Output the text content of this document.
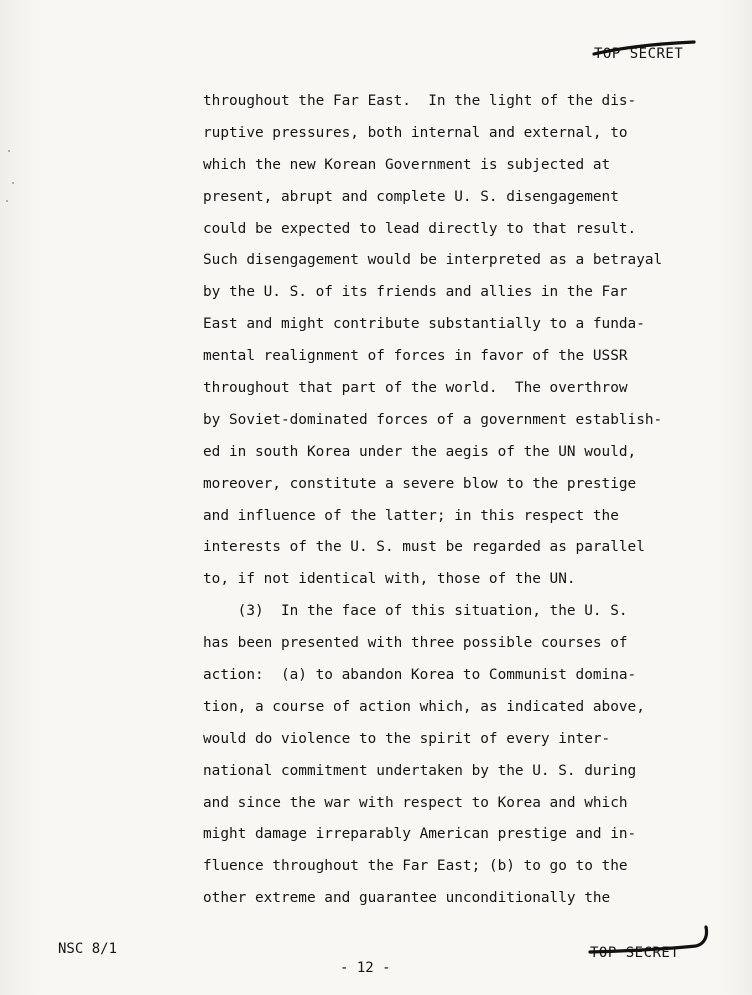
TOP SECRET
throughout the Far East.  In the light of the dis-
ruptive pressures, both internal and external, to
which the new Korean Government is subjected at
present, abrupt and complete U. S. disengagement
could be expected to lead directly to that result.
Such disengagement would be interpreted as a betrayal
by the U. S. of its friends and allies in the Far
East and might contribute substantially to a funda-
mental realignment of forces in favor of the USSR
throughout that part of the world.  The overthrow
by Soviet-dominated forces of a government establish-
ed in south Korea under the aegis of the UN would,
moreover, constitute a severe blow to the prestige
and influence of the latter; in this respect the
interests of the U. S. must be regarded as parallel
to, if not identical with, those of the UN.
(3)  In the face of this situation, the U. S.
has been presented with three possible courses of
action:  (a) to abandon Korea to Communist domina-
tion, a course of action which, as indicated above,
would do violence to the spirit of every inter-
national commitment undertaken by the U. S. during
and since the war with respect to Korea and which
might damage irreparably American prestige and in-
fluence throughout the Far East; (b) to go to the
other extreme and guarantee unconditionally the
NSC 8/1
- 12 -
TOP SECRET
